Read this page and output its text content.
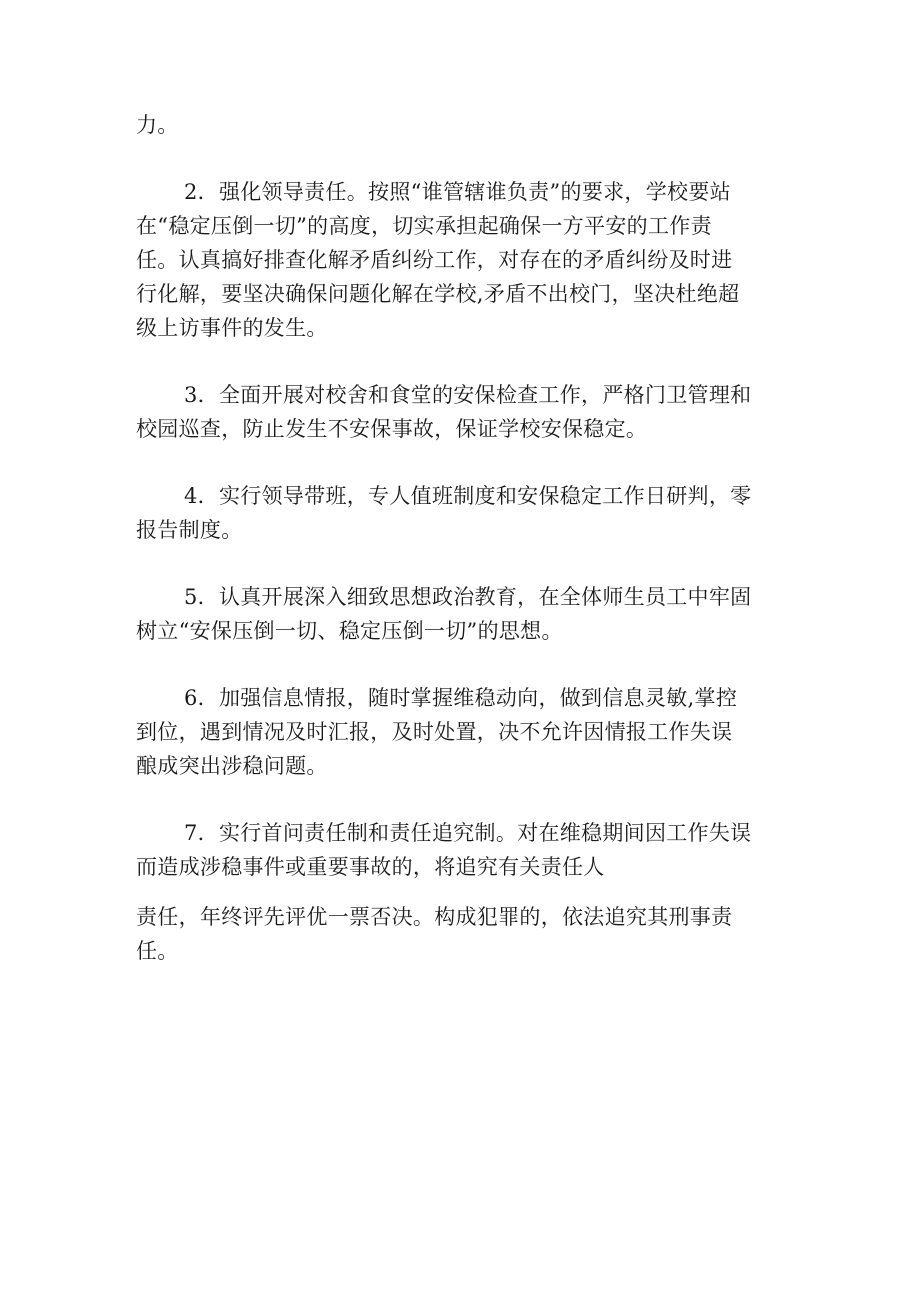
力。
2．强化领导责任。按照“谁管辖谁负责”的要求，学校要站
在“稳定压倒一切”的高度，切实承担起确保一方平安的工作责
任。认真搞好排查化解矛盾纠纷工作，对存在的矛盾纠纷及时进
行化解，要坚决确保问题化解在学校,矛盾不出校门，坚决杜绝超
级上访事件的发生。
3．全面开展对校舍和食堂的安保检查工作，严格门卫管理和
校园巡查，防止发生不安保事故，保证学校安保稳定。
4．实行领导带班，专人值班制度和安保稳定工作日研判，零
报告制度。
5．认真开展深入细致思想政治教育，在全体师生员工中牢固
树立“安保压倒一切、稳定压倒一切”的思想。
6．加强信息情报，随时掌握维稳动向，做到信息灵敏,掌控
到位，遇到情况及时汇报，及时处置，决不允许因情报工作失误
酿成突出涉稳问题。
7．实行首问责任制和责任追究制。对在维稳期间因工作失误
而造成涉稳事件或重要事故的，将追究有关责任人
责任，年终评先评优一票否决。构成犯罪的，依法追究其刑事责
任。
